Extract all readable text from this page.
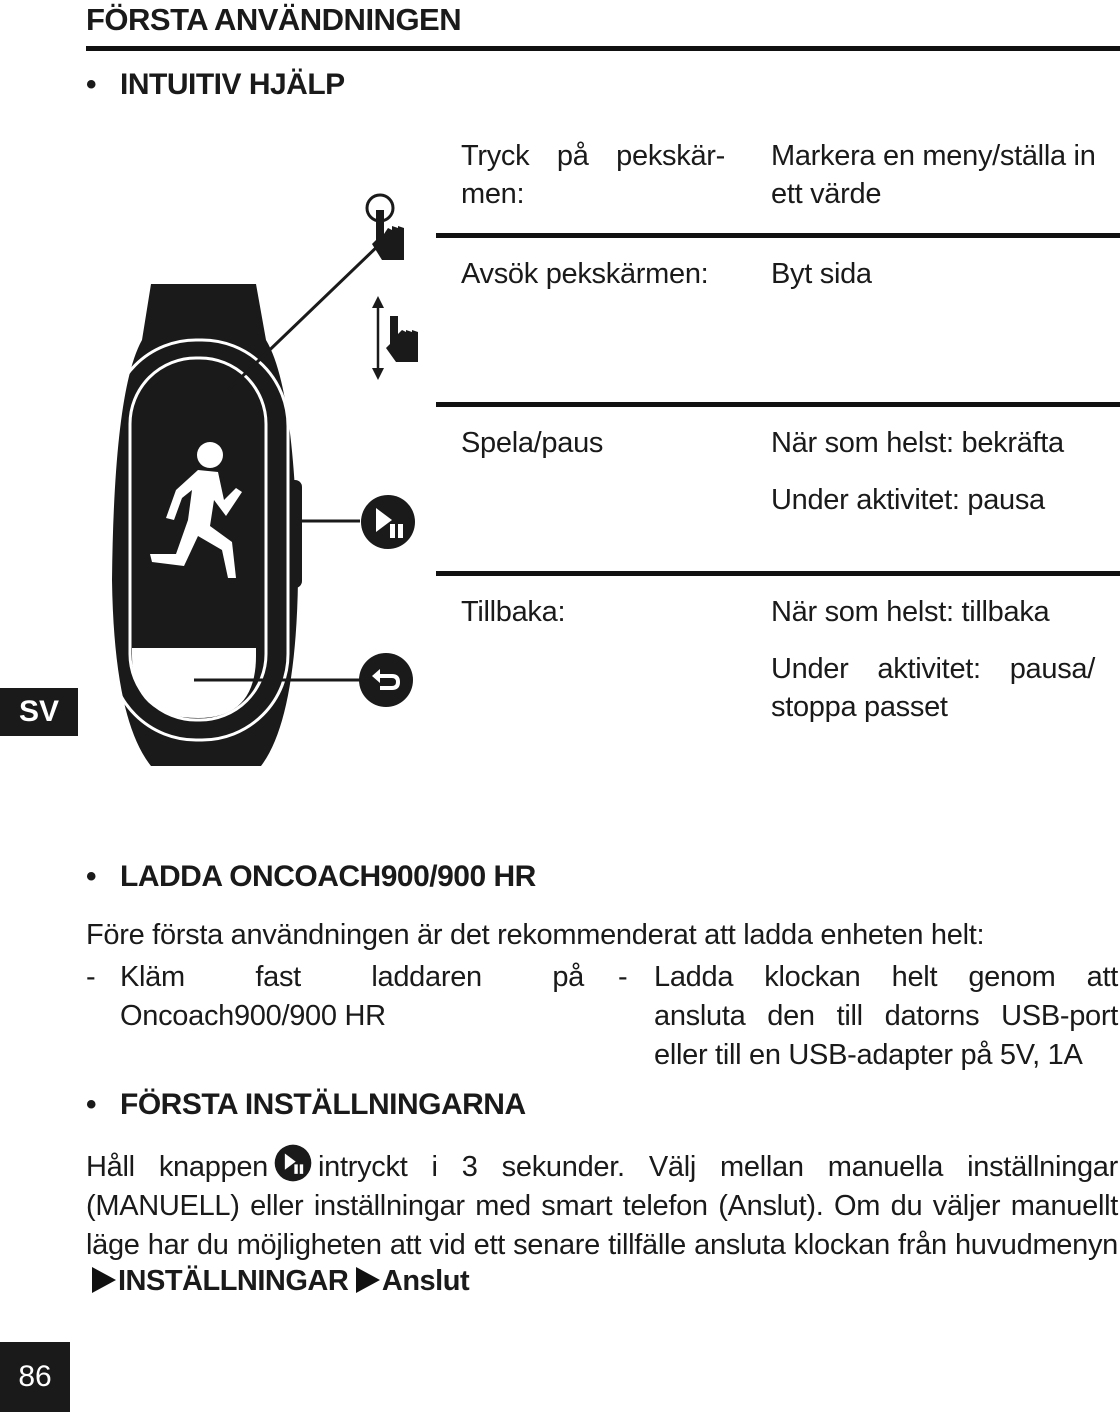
FÖRSTA ANVÄNDNINGEN
• INTUITIV HJÄLP
Tryck på pekskär-
men:
Markera en meny/ställa in
ett värde
Avsök pekskärmen: Byt sida
Spela/paus	När som helst: bekräfta
Under aktivitet: pausa
Tillbaka:	När som helst: tillbaka
Under aktivitet: pausa/
stoppa passet
SV
• LADDA ONCOACH900/900 HR
Före första användningen är det rekommenderat att ladda enheten helt:
- Kläm fast laddaren på
Oncoach900/900 HR
- Ladda klockan helt genom att
ansluta den till datorns USB-port
eller till en USB-adapter på 5V, 1A
• FÖRSTA INSTÄLLNINGARNA
Håll knappen intryckt i 3 sekunder. Välj mellan manuella inställningar
(MANUELL) eller inställningar med smart telefon (Anslut). Om du väljer manuellt
läge har du möjligheten att vid ett senare tillfälle ansluta klockan från huvudmenyn
INSTÄLLNINGAR Anslut
86
